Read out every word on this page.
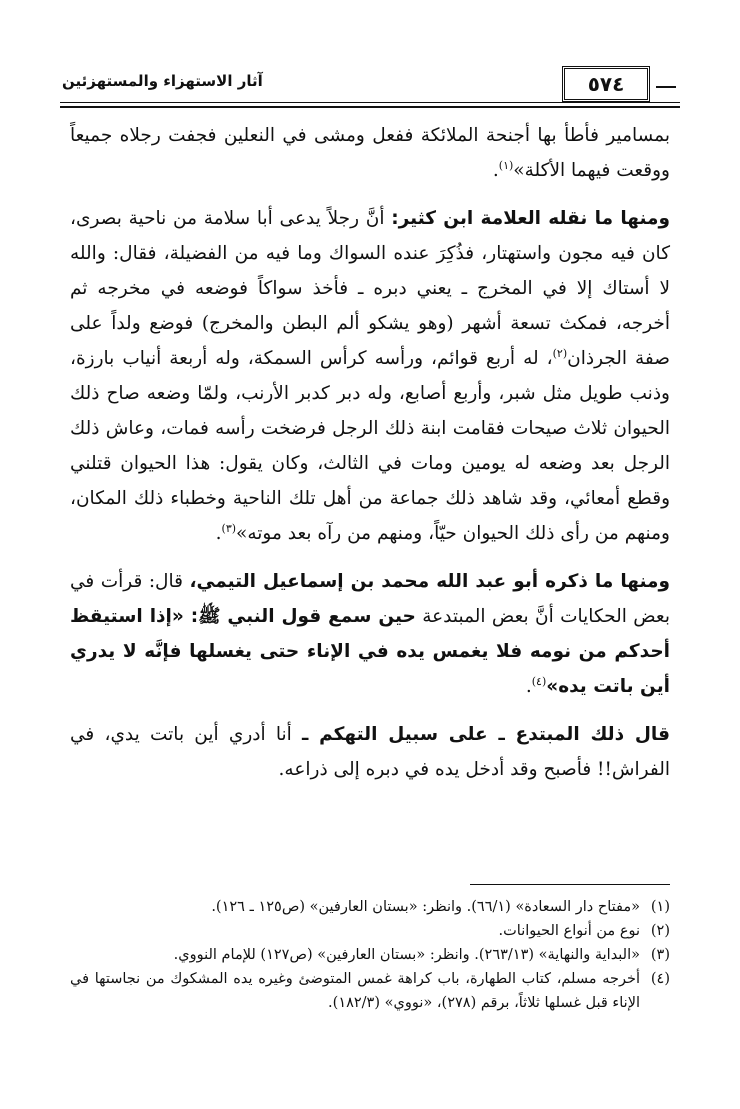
آثار الاستهزاء والمستهزئين	٥٧٤

بمسامير فأطأ بها أجنحة الملائكة ففعل ومشى في النعلين فجفت رجلاه جميعاً ووقعت فيهما الأكلة»$^{(١)}$.

ومنها ما نقله العلامة ابن كثير: أنَّ رجلاً يدعى أبا سلامة من ناحية بصرى، كان فيه مجون واستهتار، فذُكِرَ عنده السواك وما فيه من الفضيلة، فقال: والله لا أستاك إلا في المخرج ـ يعني دبره ـ فأخذ سواكاً فوضعه في مخرجه ثم أخرجه، فمكث تسعة أشهر (وهو يشكو ألم البطن والمخرج) فوضع ولداً على صفة الجرذان$^{(٢)}$، له أربع قوائم، ورأسه كرأس السمكة، وله أربعة أنياب بارزة، وذنب طويل مثل شبر، وأربع أصابع، وله دبر كدبر الأرنب، ولمّا وضعه صاح ذلك الحيوان ثلاث صيحات فقامت ابنة ذلك الرجل فرضخت رأسه فمات، وعاش ذلك الرجل بعد وضعه له يومين ومات في الثالث، وكان يقول: هذا الحيوان قتلني وقطع أمعائي، وقد شاهد ذلك جماعة من أهل تلك الناحية وخطباء ذلك المكان، ومنهم من رأى ذلك الحيوان حيّاً، ومنهم من رآه بعد موته»$^{(٣)}$.

ومنها ما ذكره أبو عبد الله محمد بن إسماعيل التيمي، قال: قرأت في بعض الحكايات أنَّ بعض المبتدعة حين سمع قول النبي ﷺ: «إذا استيقظ أحدكم من نومه فلا يغمس يده في الإناء حتى يغسلها فإنَّه لا يدري أين باتت يده»$^{(٤)}$.

قال ذلك المبتدع ـ على سبيل التهكم ـ أنا أدري أين باتت يدي، في الفراش!! فأصبح وقد أدخل يده في دبره إلى ذراعه.

(١)
«مفتاح دار السعادة» (٦٦/١). وانظر: «بستان العارفين» (ص١٢٥ ـ ١٢٦).
(٢)
نوع من أنواع الحيوانات.
(٣)
«البداية والنهاية» (٢٦٣/١٣). وانظر: «بستان العارفين» (ص١٢٧) للإمام النووي.
(٤)
أخرجه مسلم، كتاب الطهارة، باب كراهة غمس المتوضئ وغيره يده المشكوك من نجاستها في الإناء قبل غسلها ثلاثاً، برقم (٢٧٨)، «نووي» (١٨٢/٣).
